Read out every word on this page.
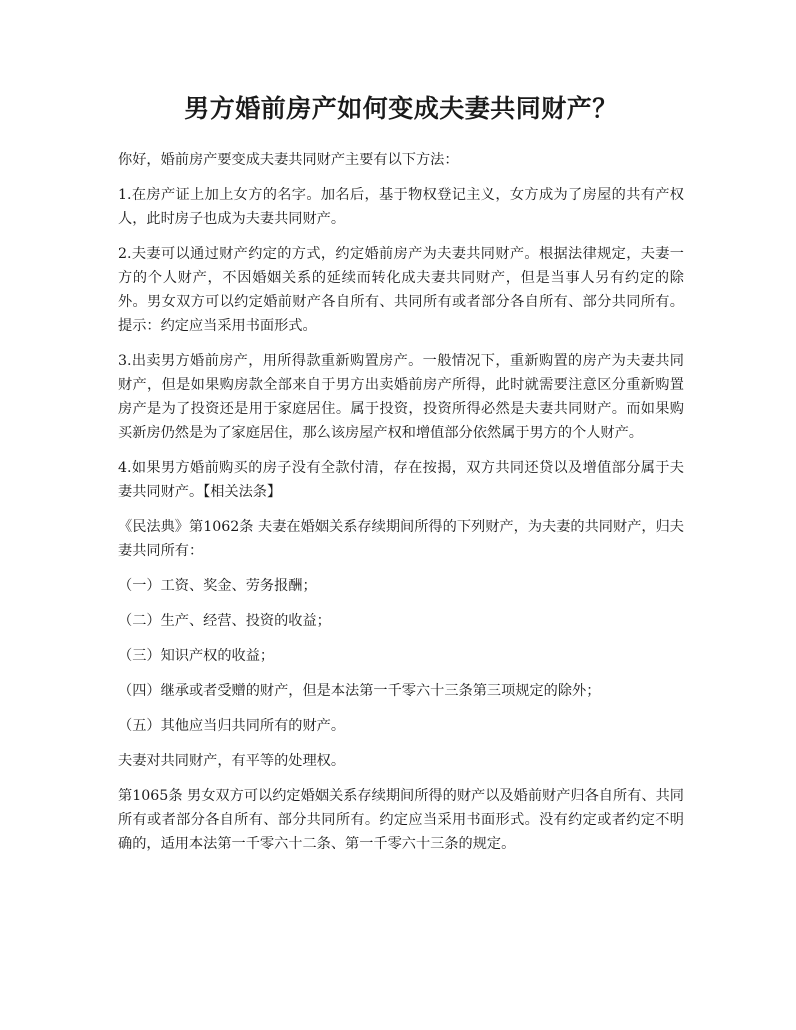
男方婚前房产如何变成夫妻共同财产？

你好，婚前房产要变成夫妻共同财产主要有以下方法：

1.在房产证上加上女方的名字。加名后，基于物权登记主义，女方成为了房屋的共有产权人，此时房子也成为夫妻共同财产。

2.夫妻可以通过财产约定的方式，约定婚前房产为夫妻共同财产。根据法律规定，夫妻一方的个人财产，不因婚姻关系的延续而转化成夫妻共同财产，但是当事人另有约定的除外。男女双方可以约定婚前财产各自所有、共同所有或者部分各自所有、部分共同所有。提示：约定应当采用书面形式。

3.出卖男方婚前房产，用所得款重新购置房产。一般情况下，重新购置的房产为夫妻共同财产，但是如果购房款全部来自于男方出卖婚前房产所得，此时就需要注意区分重新购置房产是为了投资还是用于家庭居住。属于投资，投资所得必然是夫妻共同财产。而如果购买新房仍然是为了家庭居住，那么该房屋产权和增值部分依然属于男方的个人财产。

4.如果男方婚前购买的房子没有全款付清，存在按揭，双方共同还贷以及增值部分属于夫妻共同财产。【相关法条】

《民法典》第1062条 夫妻在婚姻关系存续期间所得的下列财产，为夫妻的共同财产，归夫妻共同所有：

（一）工资、奖金、劳务报酬；

（二）生产、经营、投资的收益；

（三）知识产权的收益；

（四）继承或者受赠的财产，但是本法第一千零六十三条第三项规定的除外；

（五）其他应当归共同所有的财产。

夫妻对共同财产，有平等的处理权。

第1065条 男女双方可以约定婚姻关系存续期间所得的财产以及婚前财产归各自所有、共同所有或者部分各自所有、部分共同所有。约定应当采用书面形式。没有约定或者约定不明确的，适用本法第一千零六十二条、第一千零六十三条的规定。
